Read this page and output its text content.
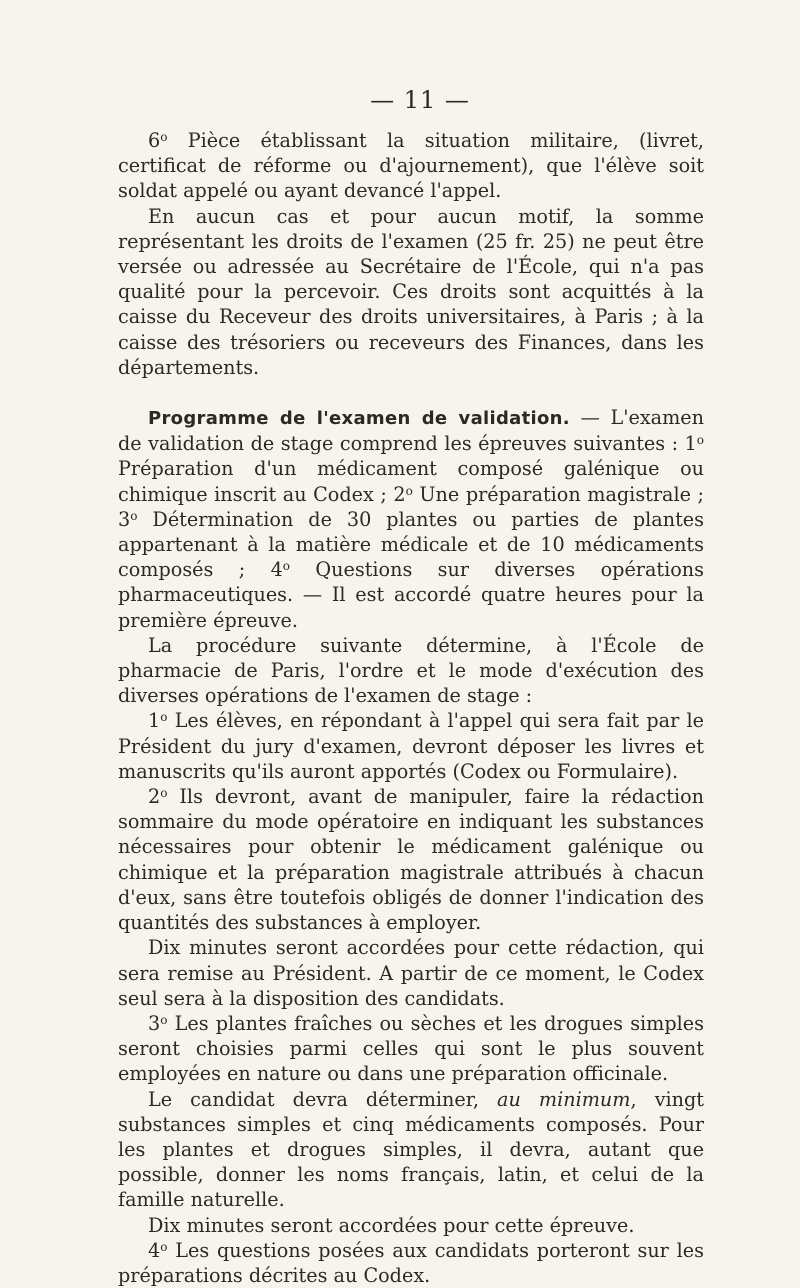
— 11 —

6$^o$ Pièce établissant la situation militaire, (livret, certificat de réforme ou d'ajournement), que l'élève soit soldat appelé ou ayant devancé l'appel.

En aucun cas et pour aucun motif, la somme représentant les droits de l'examen (25 fr. 25) ne peut être versée ou adressée au Secrétaire de l'École, qui n'a pas qualité pour la percevoir. Ces droits sont acquittés à la caisse du Receveur des droits universitaires, à Paris ; à la caisse des trésoriers ou receveurs des Finances, dans les départements.

Programme de l'examen de validation. — L'examen de validation de stage comprend les épreuves suivantes : 1$^o$ Préparation d'un médicament composé galénique ou chimique inscrit au Codex ; 2$^o$ Une préparation magistrale ; 3$^o$ Détermination de 30 plantes ou parties de plantes appartenant à la matière médicale et de 10 médicaments composés ; 4$^o$ Questions sur diverses opérations pharmaceutiques. — Il est accordé quatre heures pour la première épreuve.

La procédure suivante détermine, à l'École de pharmacie de Paris, l'ordre et le mode d'exécution des diverses opérations de l'examen de stage :

1$^o$ Les élèves, en répondant à l'appel qui sera fait par le Président du jury d'examen, devront déposer les livres et manuscrits qu'ils auront apportés (Codex ou Formulaire).

2$^o$ Ils devront, avant de manipuler, faire la rédaction sommaire du mode opératoire en indiquant les substances nécessaires pour obtenir le médicament galénique ou chimique et la préparation magistrale attribués à chacun d'eux, sans être toutefois obligés de donner l'indication des quantités des substances à employer.

Dix minutes seront accordées pour cette rédaction, qui sera remise au Président. A partir de ce moment, le Codex seul sera à la disposition des candidats.

3$^o$ Les plantes fraîches ou sèches et les drogues simples seront choisies parmi celles qui sont le plus souvent employées en nature ou dans une préparation officinale.

Le candidat devra déterminer, au minimum, vingt substances simples et cinq médicaments composés. Pour les plantes et drogues simples, il devra, autant que possible, donner les noms français, latin, et celui de la famille naturelle.

Dix minutes seront accordées pour cette épreuve.

4$^o$ Les questions posées aux candidats porteront sur les préparations décrites au Codex.
